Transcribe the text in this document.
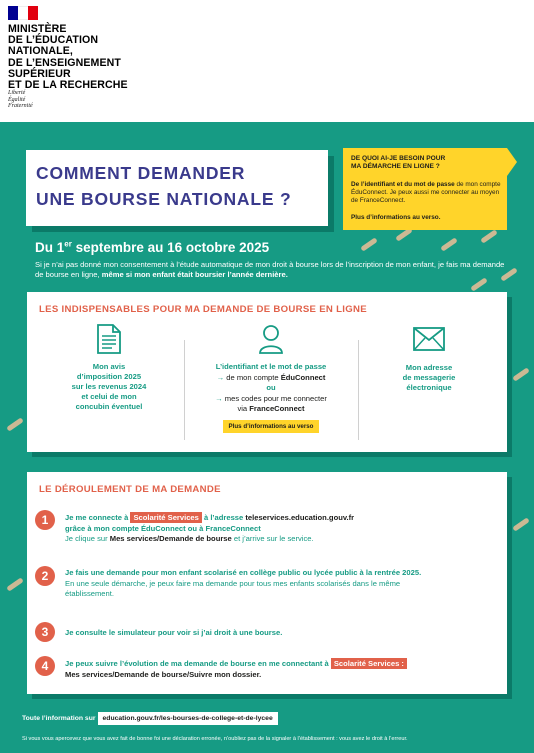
MINISTÈRE
DE L’ÉDUCATION
NATIONALE,
DE L’ENSEIGNEMENT
SUPÉRIEUR
ET DE LA RECHERCHE
Liberté
Égalité
Fraternité
COMMENT DEMANDER
UNE BOURSE NATIONALE ?
DE QUOI AI-JE BESOIN POUR
MA DÉMARCHE EN LIGNE ?
De l’identifiant et du mot de passe de mon compte ÉduConnect. Je peux aussi me connecter au moyen de FranceConnect.
Plus d’informations au verso.
Du 1er septembre au 16 octobre 2025
Si je n’ai pas donné mon consentement à l’étude automatique de mon droit à bourse lors de l’inscription de mon enfant, je fais ma demande de bourse en ligne, même si mon enfant était boursier l’année dernière.
LES INDISPENSABLES POUR MA DEMANDE DE BOURSE EN LIGNE
Mon avis
d’imposition 2025
sur les revenus 2024
et celui de mon
concubin éventuel
L’identifiant et le mot de passe
→ de mon compte ÉduConnect
ou
→ mes codes pour me connecter
via FranceConnect
Plus d’informations au verso
Mon adresse
de messagerie
électronique
LE DÉROULEMENT DE MA DEMANDE
1	Je me connecte à Scolarité Services à l’adresse teleservices.education.gouv.fr
grâce à mon compte ÉduConnect ou à FranceConnect
Je clique sur Mes services/Demande de bourse et j’arrive sur le service.
2	Je fais une demande pour mon enfant scolarisé en collège public ou lycée public à la rentrée 2025.
En une seule démarche, je peux faire ma demande pour tous mes enfants scolarisés dans le même établissement.
3	Je consulte le simulateur pour voir si j’ai droit à une bourse.
4	Je peux suivre l’évolution de ma demande de bourse en me connectant à Scolarité Services :
Mes services/Demande de bourse/Suivre mon dossier.
Toute l’information sur education.gouv.fr/les-bourses-de-college-et-de-lycee
Si vous vous apercevez que vous avez fait de bonne foi une déclaration erronée, n’oubliez pas de la signaler à l’établissement : vous avez le droit à l’erreur.
